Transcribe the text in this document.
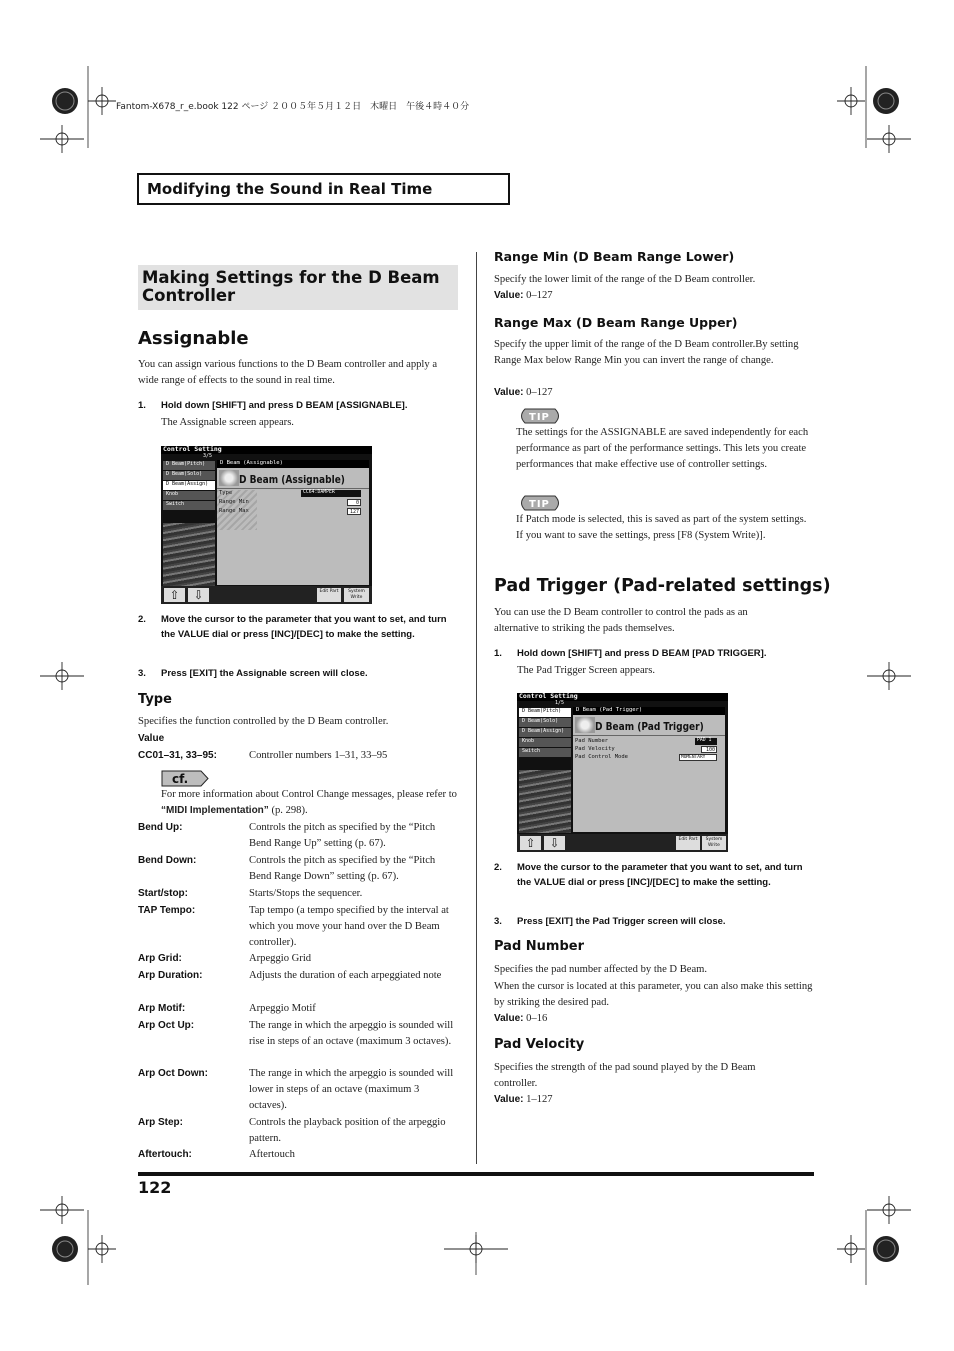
Fantom-X678_r_e.book 122 ページ ２００５年５月１２日　木曜日　午後４時４０分
Modifying the Sound in Real Time
Making Settings for the D Beam Controller
Assignable
You can assign various functions to the D Beam controller and apply a wide range of effects to the sound in real time.
1. Hold down [SHIFT] and press D BEAM [ASSIGNABLE].
The Assignable screen appears.
Control Setting
3/5
D Beam(Pitch)
D Beam(Solo)
D Beam(Assign)
Knob
Switch
D Beam (Assignable)
D Beam (Assignable)
Type	CC64:DAMPER
Range Min	0
Range Max	127
⇧	⇩	Edit Part	System Write
2. Move the cursor to the parameter that you want to set, and turn the VALUE dial or press [INC]/[DEC] to make the setting.
3. Press [EXIT] the Assignable screen will close.
Type
Specifies the function controlled by the D Beam controller.
Value
CC01–31, 33–95:	Controller numbers 1–31, 33–95
cf.
For more information about Control Change messages, please refer to “MIDI Implementation” (p. 298).
Bend Up:	Controls the pitch as specified by the “Pitch Bend Range Up” setting (p. 67).
Bend Down:	Controls the pitch as specified by the “Pitch Bend Range Down” setting (p. 67).
Start/stop:	Starts/Stops the sequencer.
TAP Tempo:	Tap tempo (a tempo specified by the interval at which you move your hand over the D Beam controller).
Arp Grid:	Arpeggio Grid
Arp Duration:	Adjusts the duration of each arpeggiated note
Arp Motif:	Arpeggio Motif
Arp Oct Up:	The range in which the arpeggio is sounded will rise in steps of an octave (maximum 3 octaves).
Arp Oct Down:	The range in which the arpeggio is sounded will lower in steps of an octave (maximum 3 octaves).
Arp Step:	Controls the playback position of the arpeggio pattern.
Aftertouch:	Aftertouch
Range Min (D Beam Range Lower)
Specify the lower limit of the range of the D Beam controller.
Value: 0–127
Range Max (D Beam Range Upper)
Specify the upper limit of the range of the D Beam controller.By setting Range Max below Range Min you can invert the range of change.
Value: 0–127
TIP
The settings for the ASSIGNABLE are saved independently for each performance as part of the performance settings. This lets you create performances that make effective use of controller settings.
TIP
If Patch mode is selected, this is saved as part of the system settings. If you want to save the settings, press [F8 (System Write)].
Pad Trigger (Pad-related settings)
You can use the D Beam controller to control the pads as an alternative to striking the pads themselves.
1. Hold down [SHIFT] and press D BEAM [PAD TRIGGER].
The Pad Trigger Screen appears.
Control Setting
1/5
D Beam(Pitch)
D Beam(Solo)
D Beam(Assign)
Knob
Switch
D Beam (Pad Trigger)
D Beam (Pad Trigger)
Pad Number	PAD 1
Pad Velocity	100
Pad Control Mode	MOMENTARY
⇧	⇩	Edit Part	System Write
2. Move the cursor to the parameter that you want to set, and turn the VALUE dial or press [INC]/[DEC] to make the setting.
3. Press [EXIT] the Pad Trigger screen will close.
Pad Number
Specifies the pad number affected by the D Beam.
When the cursor is located at this parameter, you can also make this setting by striking the desired pad.
Value: 0–16
Pad Velocity
Specifies the strength of the pad sound played by the D Beam controller.
Value: 1–127
122
